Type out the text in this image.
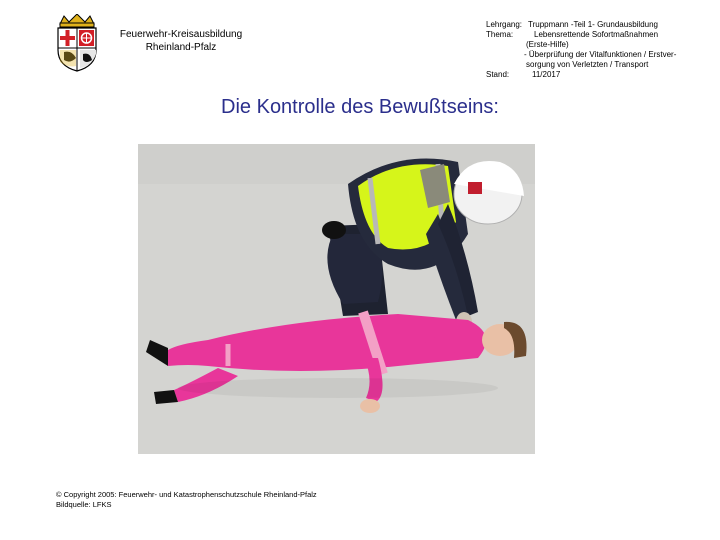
Feuerwehr-Kreisausbildung
Rheinland-Pfalz
Lehrgang: Truppmann -Teil 1- Grundausbildung
Thema:	Lebensrettende Sofortmaßnahmen
(Erste-Hilfe)
- Überprüfung der Vitalfunktionen / Erstver-
sorgung von Verletzten / Transport
Stand:	11/2017
Die Kontrolle des Bewußtseins:
© Copyright 2005: Feuerwehr- und Katastrophenschutzschule Rheinland-Pfalz
Bildquelle: LFKS
